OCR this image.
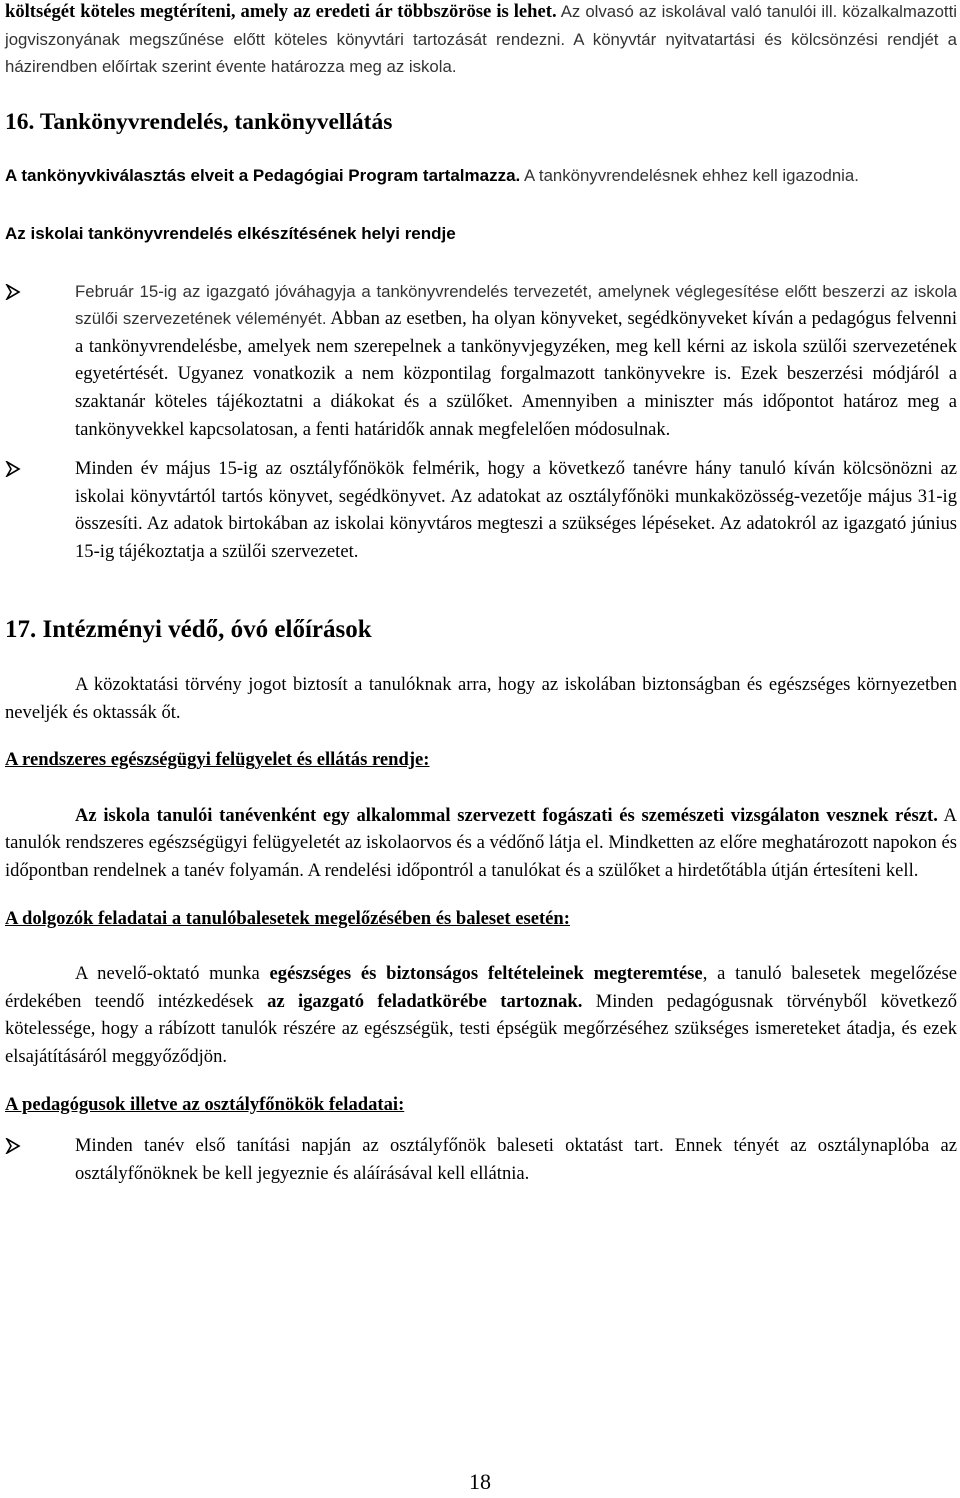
költségét köteles megtéríteni, amely az eredeti ár többszöröse is lehet. Az olvasó az iskolával való tanulói ill. közalkalmazotti jogviszonyának megszűnése előtt köteles könyvtári tartozását rendezni. A könyvtár nyitvatartási és kölcsönzési rendjét a házirendben előírtak szerint évente határozza meg az iskola.

16. Tankönyvrendelés, tankönyvellátás

A tankönyvkiválasztás elveit a Pedagógiai Program tartalmazza. A tankönyvrendelésnek ehhez kell igazodnia.

Az iskolai tankönyvrendelés elkészítésének helyi rendje

Február 15-ig az igazgató jóváhagyja a tankönyvrendelés tervezetét, amelynek véglegesítése előtt beszerzi az iskola szülői szervezetének véleményét. Abban az esetben, ha olyan könyveket, segédkönyveket kíván a pedagógus felvenni a tankönyvrendelésbe, amelyek nem szerepelnek a tankönyvjegyzéken, meg kell kérni az iskola szülői szervezetének egyetértését. Ugyanez vonatkozik a nem központilag forgalmazott tankönyvekre is. Ezek beszerzési módjáról a szaktanár köteles tájékoztatni a diákokat és a szülőket. Amennyiben a miniszter más időpontot határoz meg a tankönyvekkel kapcsolatosan, a fenti határidők annak megfelelően módosulnak.
Minden év május 15-ig az osztályfőnökök felmérik, hogy a következő tanévre hány tanuló kíván kölcsönözni az iskolai könyvtártól tartós könyvet, segédkönyvet. Az adatokat az osztályfőnöki munkaközösség-vezetője május 31-ig összesíti. Az adatok birtokában az iskolai könyvtáros megteszi a szükséges lépéseket. Az adatokról az igazgató június 15-ig tájékoztatja a szülői szervezetet.
17. Intézményi védő, óvó előírások

A közoktatási törvény jogot biztosít a tanulóknak arra, hogy az iskolában biztonságban és egészséges környezetben neveljék és oktassák őt.

A rendszeres egészségügyi felügyelet és ellátás rendje:

Az iskola tanulói tanévenként egy alkalommal szervezett fogászati és szemészeti vizsgálaton vesznek részt. A tanulók rendszeres egészségügyi felügyeletét az iskolaorvos és a védőnő látja el. Mindketten az előre meghatározott napokon és időpontban rendelnek a tanév folyamán. A rendelési időpontról a tanulókat és a szülőket a hirdetőtábla útján értesíteni kell.

A dolgozók feladatai a tanulóbalesetek megelőzésében és baleset esetén:

A nevelő-oktató munka egészséges és biztonságos feltételeinek megteremtése, a tanuló balesetek megelőzése érdekében teendő intézkedések az igazgató feladatkörébe tartoznak. Minden pedagógusnak törvényből következő kötelessége, hogy a rábízott tanulók részére az egészségük, testi épségük megőrzéséhez szükséges ismereteket átadja, és ezek elsajátításáról meggyőződjön.

A pedagógusok illetve az osztályfőnökök feladatai:

Minden tanév első tanítási napján az osztályfőnök baleseti oktatást tart. Ennek tényét az osztálynaplóba az osztályfőnöknek be kell jegyeznie és aláírásával kell ellátnia.
18
